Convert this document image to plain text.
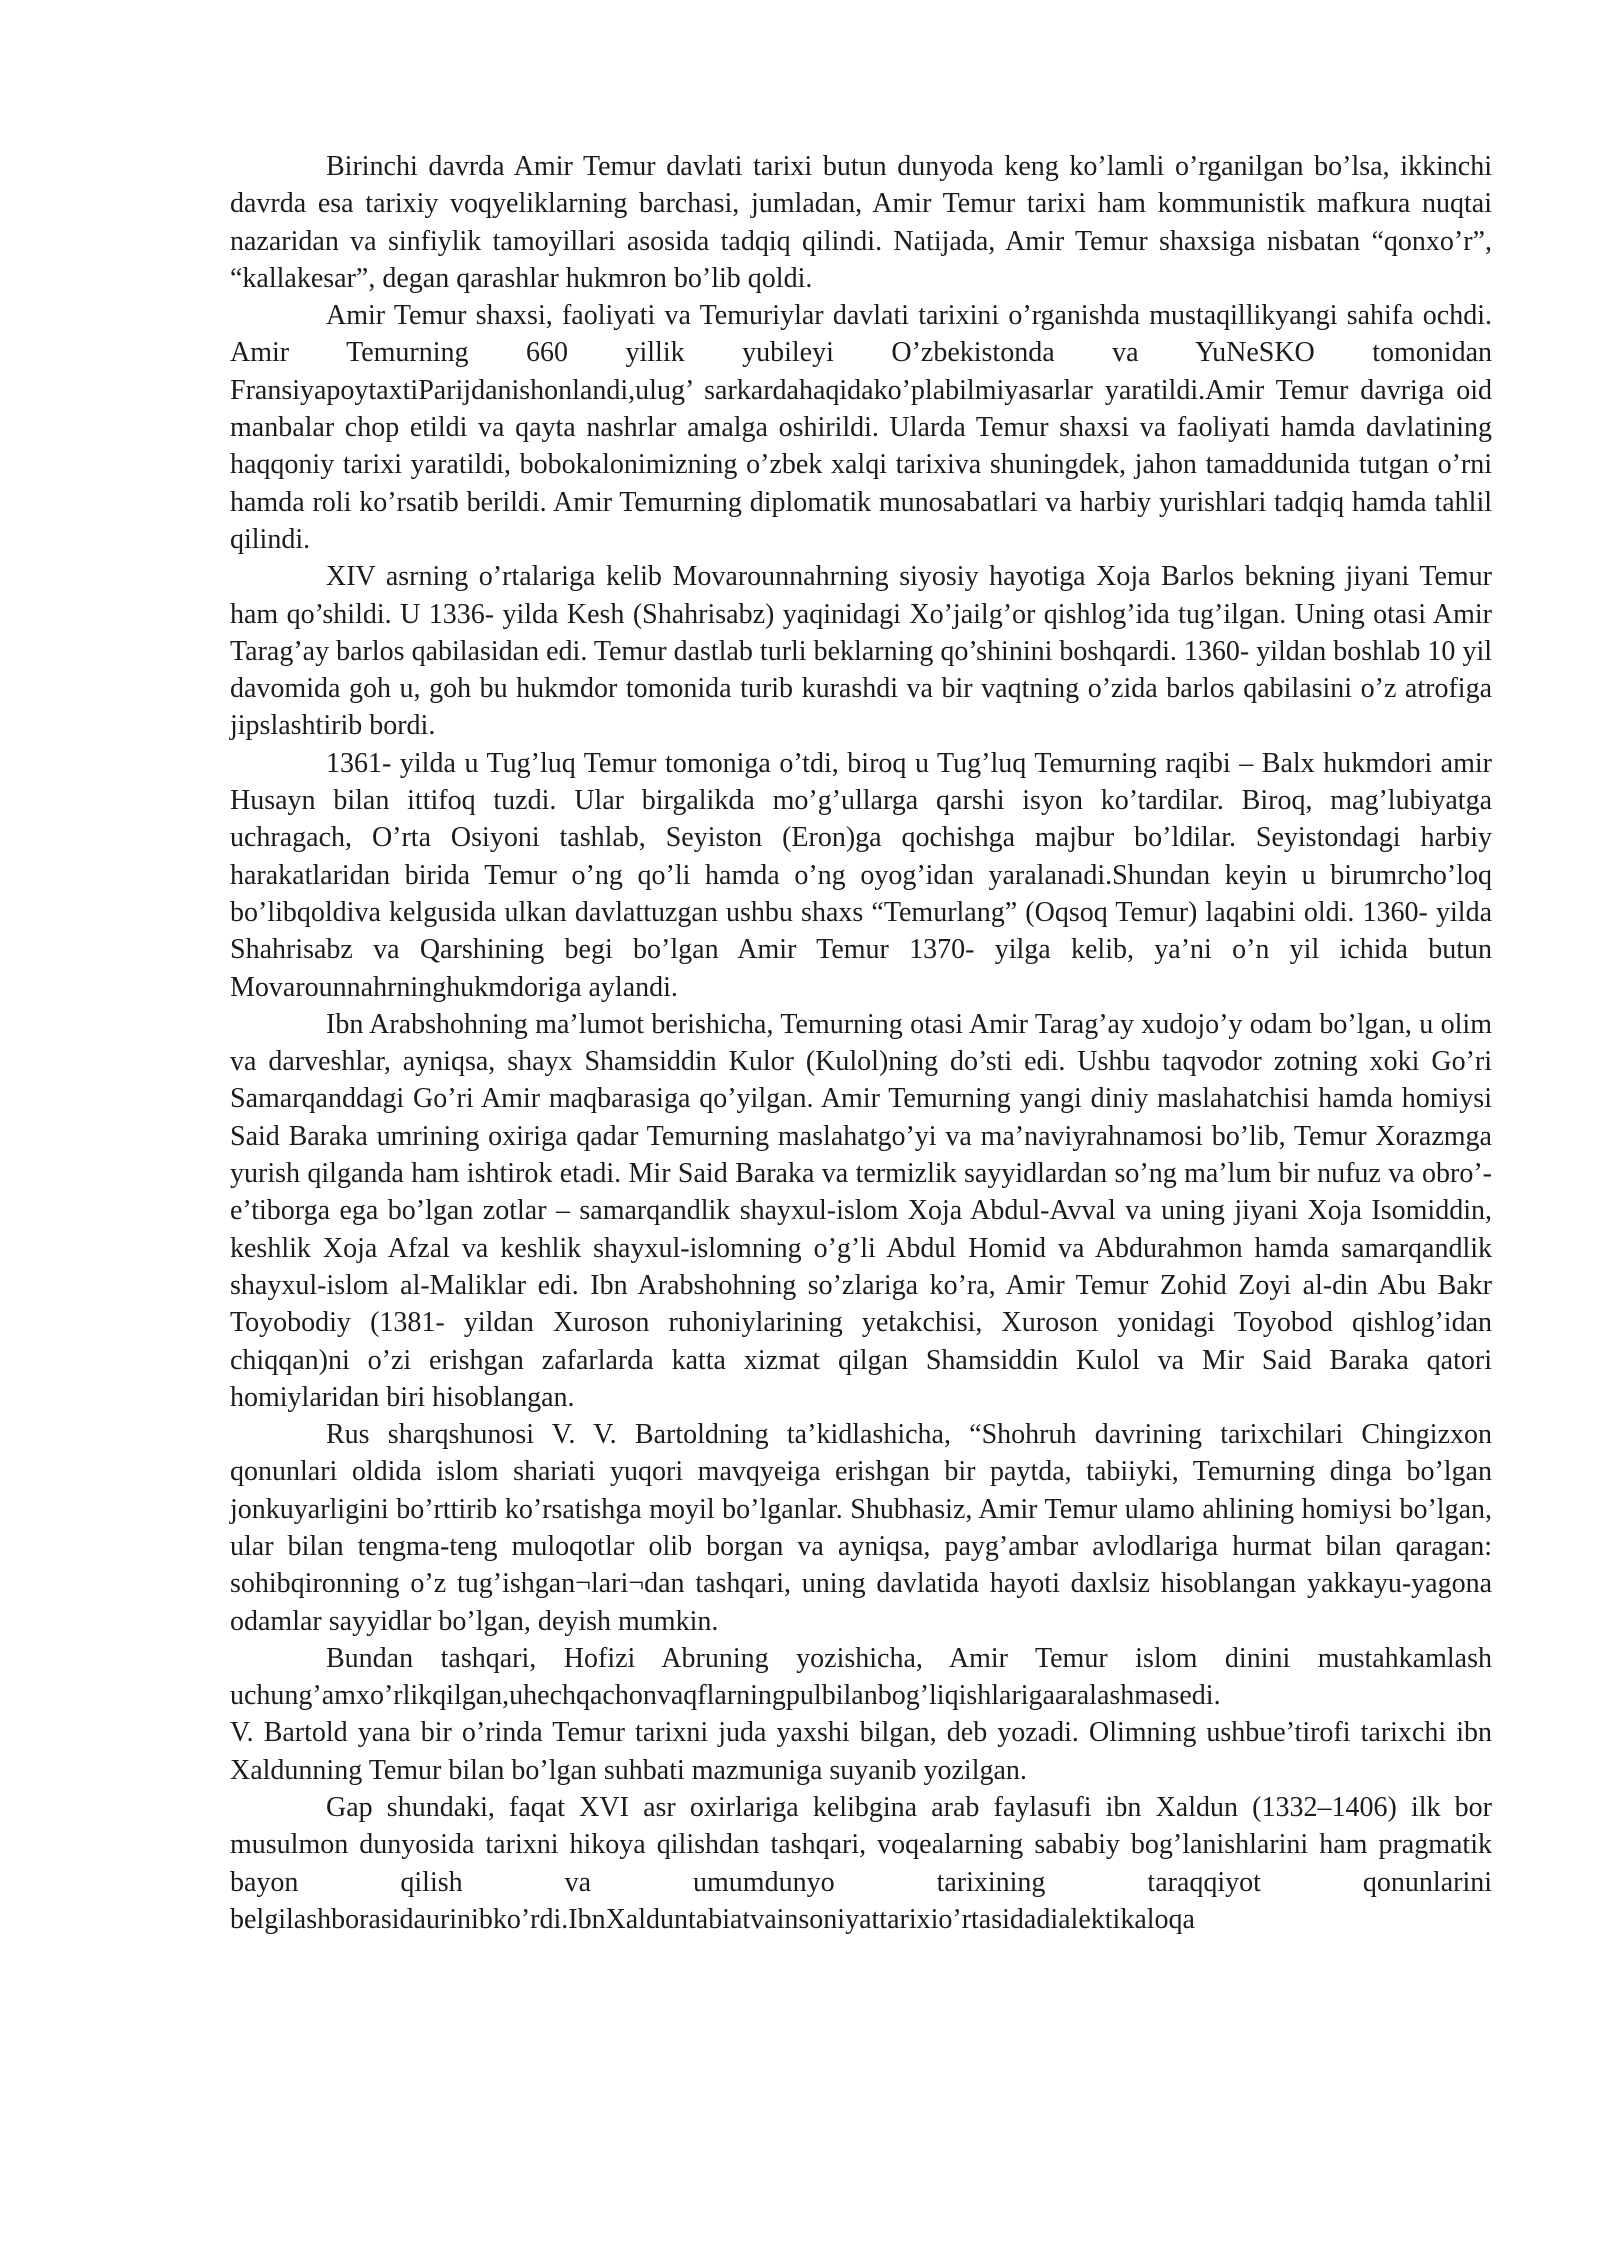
Birinchi davrda Amir Temur davlati tarixi butun dunyoda keng ko’lamli o’rganilgan bo’lsa, ikkinchi davrda esa tarixiy voqyeliklarning barchasi, jumladan, Amir Temur tarixi ham kommunistik mafkura nuqtai nazaridan va sinfiylik tamoyillari asosida tadqiq qilindi. Natijada, Amir Temur shaxsiga nisbatan “qonxo’r”, “kallakesar”, degan qarashlar hukmron bo’lib qoldi.

Amir Temur shaxsi, faoliyati va Temuriylar davlati tarixini o’rganishda mustaqillikyangi sahifa ochdi. Amir Temurning 660 yillik yubileyi O’zbekistonda va YuNeSKO tomonidan FransiyapoytaxtiParijdanishonlandi,ulug’ sarkardahaqidako’plabilmiyasarlar yaratildi.Amir Temur davriga oid manbalar chop etildi va qayta nashrlar amalga oshirildi. Ularda Temur shaxsi va faoliyati hamda davlatining haqqoniy tarixi yaratildi, bobokalonimizning o’zbek xalqi tarixiva shuningdek, jahon tamaddunida tutgan o’rni hamda roli ko’rsatib berildi. Amir Temurning diplomatik munosabatlari va harbiy yurishlari tadqiq hamda tahlil qilindi.

XIV asrning o’rtalariga kelib Movarounnahrning siyosiy hayotiga Xoja Barlos bekning jiyani Temur ham qo’shildi. U 1336- yilda Kesh (Shahrisabz) yaqinidagi Xo’jailg’or qishlog’ida tug’ilgan. Uning otasi Amir Tarag’ay barlos qabilasidan edi. Temur dastlab turli beklarning qo’shinini boshqardi. 1360- yildan boshlab 10 yil davomida goh u, goh bu hukmdor tomonida turib kurashdi va bir vaqtning o’zida barlos qabilasini o’z atrofiga jipslashtirib bordi.

1361- yilda u Tug’luq Temur tomoniga o’tdi, biroq u Tug’luq Temurning raqibi – Balx hukmdori amir Husayn bilan ittifoq tuzdi. Ular birgalikda mo’g’ullarga qarshi isyon ko’tardilar. Biroq, mag’lubiyatga uchragach, O’rta Osiyoni tashlab, Seyiston (Eron)ga qochishga majbur bo’ldilar. Seyistondagi harbiy harakatlaridan birida Temur o’ng qo’li hamda o’ng oyog’idan yaralanadi.Shundan keyin u birumrcho’loq bo’libqoldiva kelgusida ulkan davlattuzgan ushbu shaxs “Temurlang” (Oqsoq Temur) laqabini oldi. 1360- yilda Shahrisabz va Qarshining begi bo’lgan Amir Temur 1370- yilga kelib, ya’ni o’n yil ichida butun Movarounnahrninghukmdoriga aylandi.

Ibn Arabshohning ma’lumot berishicha, Temurning otasi Amir Tarag’ay xudojo’y odam bo’lgan, u olim va darveshlar, ayniqsa, shayx Shamsiddin Kulor (Kulol)ning do’sti edi. Ushbu taqvodor zotning xoki Go’ri Samarqanddagi Go’ri Amir maqbarasiga qo’yilgan. Amir Temurning yangi diniy maslahatchisi hamda homiysi Said Baraka umrining oxiriga qadar Temurning maslahatgo’yi va ma’naviyrahnamosi bo’lib, Temur Xorazmga yurish qilganda ham ishtirok etadi. Mir Said Baraka va termizlik sayyidlardan so’ng ma’lum bir nufuz va obro’-e’tiborga ega bo’lgan zotlar – samarqandlik shayxul-islom Xoja Abdul-Avval va uning jiyani Xoja Isomiddin, keshlik Xoja Afzal va keshlik shayxul-islomning o’g’li Abdul Homid va Abdurahmon hamda samarqandlik shayxul-islom al-Maliklar edi. Ibn Arabshohning so’zlariga ko’ra, Amir Temur Zohid Zoyi al-din Abu Bakr Toyobodiy (1381- yildan Xuroson ruhoniylarining yetakchisi, Xuroson yonidagi Toyobod qishlog’idan chiqqan)ni o’zi erishgan zafarlarda katta xizmat qilgan Shamsiddin Kulol va Mir Said Baraka qatori homiylaridan biri hisoblangan.

Rus sharqshunosi V. V. Bartoldning ta’kidlashicha, “Shohruh davrining tarixchilari Chingizxon qonunlari oldida islom shariati yuqori mavqyeiga erishgan bir paytda, tabiiyki, Temurning dinga bo’lgan jonkuyarligini bo’rttirib ko’rsatishga moyil bo’lganlar. Shubhasiz, Amir Temur ulamo ahlining homiysi bo’lgan, ular bilan tengma-teng muloqotlar olib borgan va ayniqsa, payg’ambar avlodlariga hurmat bilan qaragan: sohibqironning o’z tug’ishgan¬lari¬dan tashqari, uning davlatida hayoti daxlsiz hisoblangan yakkayu-yagona odamlar sayyidlar bo’lgan, deyish mumkin.

Bundan tashqari, Hofizi Abruning yozishicha, Amir Temur islom dinini mustahkamlash uchung’amxo’rlikqilgan,uhechqachonvaqflarningpulbilanbog’liqishlarigaaralashmasedi.

V. Bartold yana bir o’rinda Temur tarixni juda yaxshi bilgan, deb yozadi. Olimning ushbue’tirofi tarixchi ibn Xaldunning Temur bilan bo’lgan suhbati mazmuniga suyanib yozilgan.

Gap shundaki, faqat XVI asr oxirlariga kelibgina arab faylasufi ibn Xaldun (1332–1406) ilk bor musulmon dunyosida tarixni hikoya qilishdan tashqari, voqealarning sababiy bog’lanishlarini ham pragmatik bayon qilish va umumdunyo tarixining taraqqiyot qonunlarini belgilashborasidaurinibko’rdi.IbnXalduntabiatvainsoniyattarixio’rtasidadialektikaloqa
